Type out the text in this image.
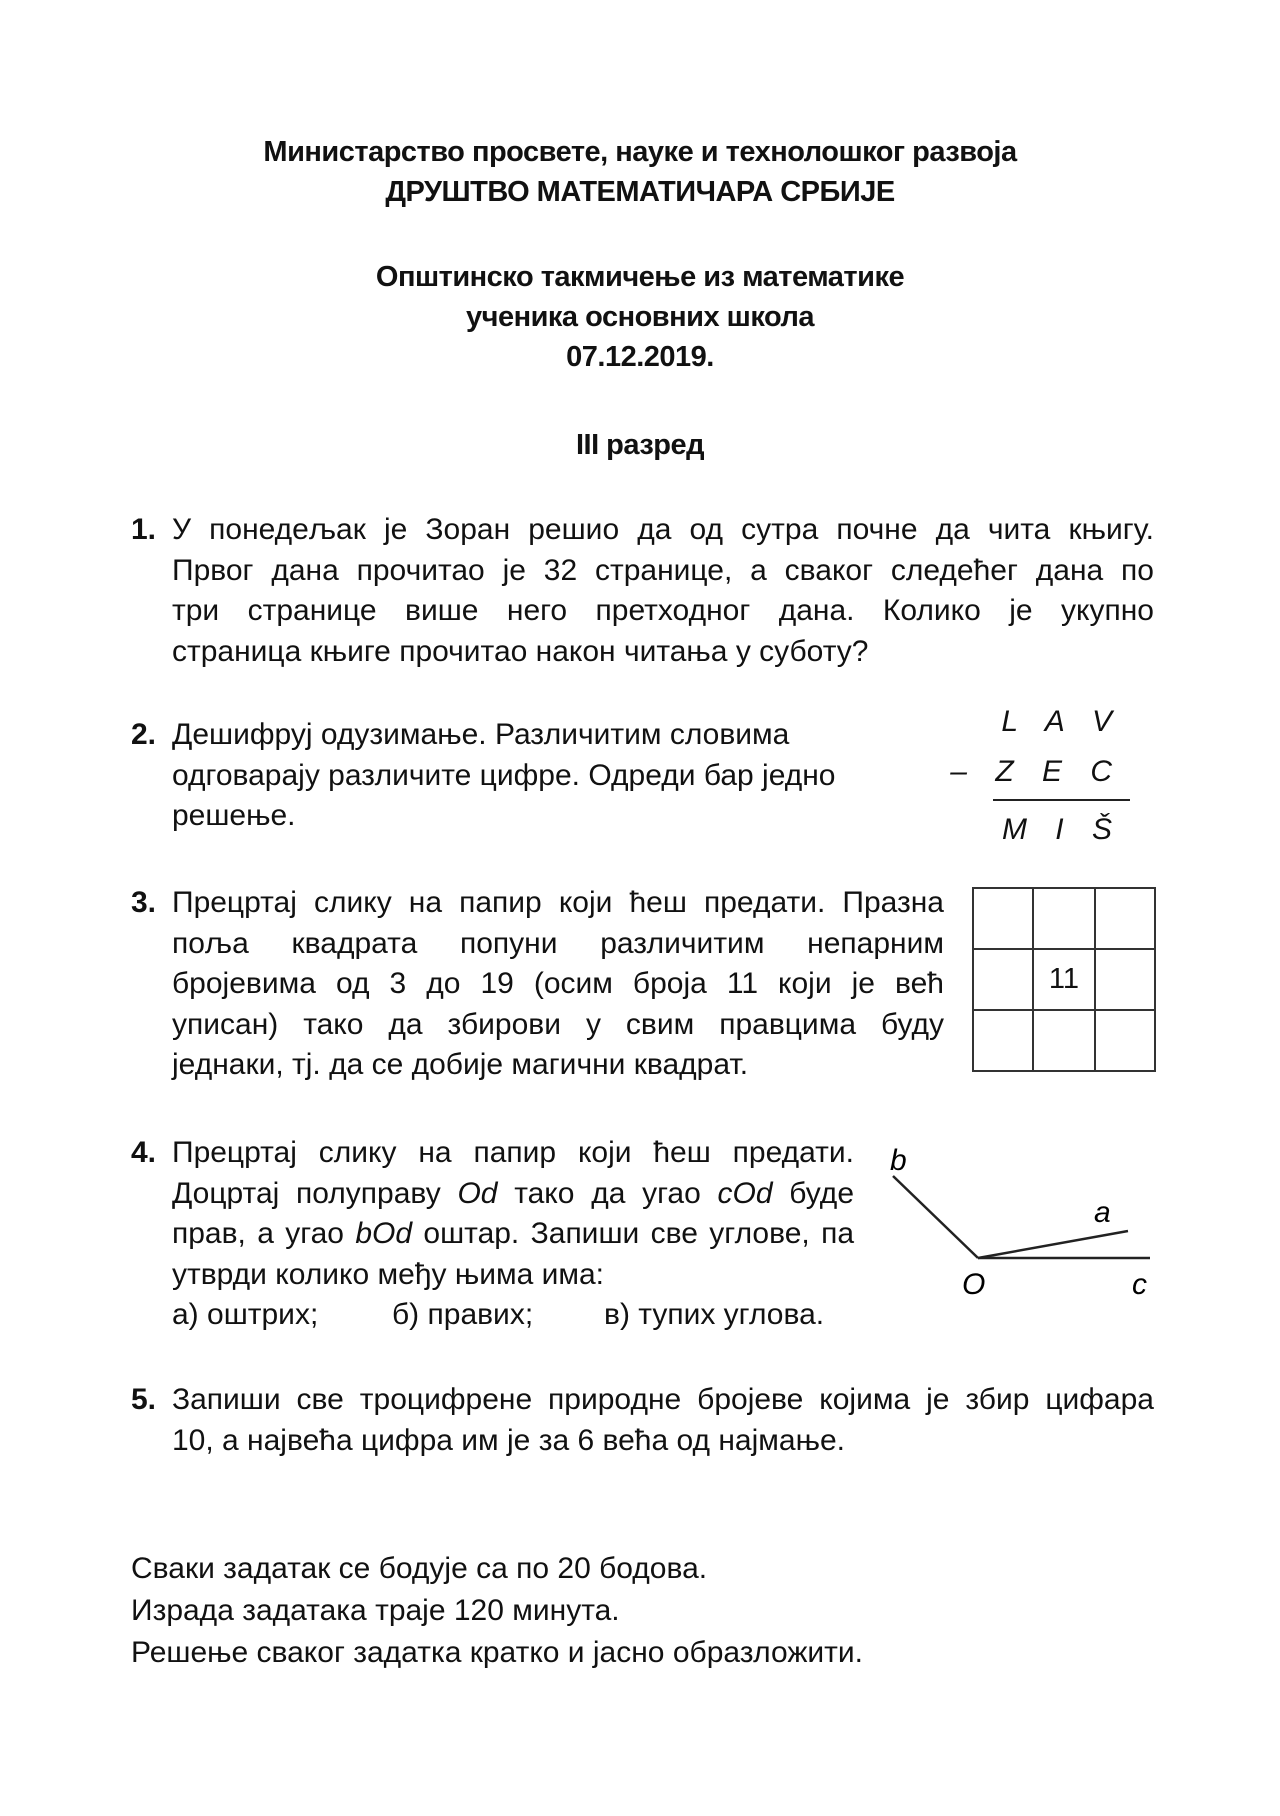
Министарство просвете, науке и технолошког развоја
ДРУШТВО МАТЕМАТИЧАРА СРБИЈЕ
Општинско такмичење из математике
ученика основних школа
07.12.2019.
III разред
1. У понедељак је Зоран решио да од сутра почне да чита књигу.
Првог дана прочитао је 32 странице, а сваког следећег дана по
три странице више него претходног дана. Колико је укупно
страница књиге прочитао након читања у суботу?
2. Дешифруј одузимање. Различитим словима
одговарају различите цифре. Одреди бар једно
решење.
L A V
– Z E C
M I Š
3. Прецртај слику на папир који ћеш предати. Празна
поља квадрата попуни различитим непарним
бројевима од 3 до 19 (осим броја 11 који је већ
уписан) тако да збирови у свим правцима буду
једнаки, тј. да се добије магични квадрат.

	11	

4. Прецртај слику на папир који ћеш предати.
Доцртај полуправу Od тако да угао cOd буде
прав, а угао bOd оштар. Запиши све углове, па
утврди колико међу њима има:
а) оштрих; б) правих; в) тупих углова.
b
a
O	c
5. Запиши све троцифрене природне бројеве којима је збир цифара
10, а највећа цифра им је за 6 већа од најмање.
Сваки задатак се бодује са по 20 бодова.
Израда задатака траје 120 минута.
Решење сваког задатка кратко и јасно образложити.
